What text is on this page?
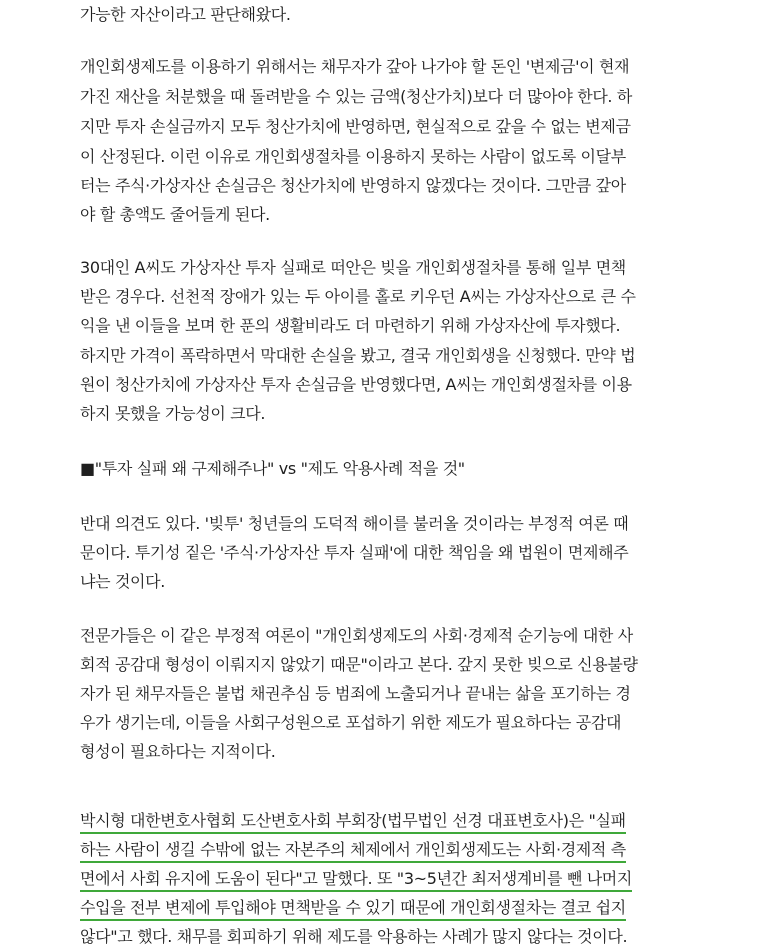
가능한 자산이라고 판단해왔다.
개인회생제도를 이용하기 위해서는 채무자가 갚아 나가야 할 돈인 '변제금'이 현재
가진 재산을 처분했을 때 돌려받을 수 있는 금액(청산가치)보다 더 많아야 한다. 하
지만 투자 손실금까지 모두 청산가치에 반영하면, 현실적으로 갚을 수 없는 변제금
이 산정된다. 이런 이유로 개인회생절차를 이용하지 못하는 사람이 없도록 이달부
터는 주식·가상자산 손실금은 청산가치에 반영하지 않겠다는 것이다. 그만큼 갚아
야 할 총액도 줄어들게 된다.
30대인 A씨도 가상자산 투자 실패로 떠안은 빚을 개인회생절차를 통해 일부 면책
받은 경우다. 선천적 장애가 있는 두 아이를 홀로 키우던 A씨는 가상자산으로 큰 수
익을 낸 이들을 보며 한 푼의 생활비라도 더 마련하기 위해 가상자산에 투자했다.
하지만 가격이 폭락하면서 막대한 손실을 봤고, 결국 개인회생을 신청했다. 만약 법
원이 청산가치에 가상자산 투자 손실금을 반영했다면, A씨는 개인회생절차를 이용
하지 못했을 가능성이 크다.
■"투자 실패 왜 구제해주나" vs "제도 악용사례 적을 것"
반대 의견도 있다. '빚투' 청년들의 도덕적 해이를 불러올 것이라는 부정적 여론 때
문이다. 투기성 짙은 '주식·가상자산 투자 실패'에 대한 책임을 왜 법원이 면제해주
냐는 것이다.
전문가들은 이 같은 부정적 여론이 "개인회생제도의 사회·경제적 순기능에 대한 사
회적 공감대 형성이 이뤄지지 않았기 때문"이라고 본다. 갚지 못한 빚으로 신용불량
자가 된 채무자들은 불법 채권추심 등 범죄에 노출되거나 끝내는 삶을 포기하는 경
우가 생기는데, 이들을 사회구성원으로 포섭하기 위한 제도가 필요하다는 공감대
형성이 필요하다는 지적이다.
박시형 대한변호사협회 도산변호사회 부회장(법무법인 선경 대표변호사)은 "실패
하는 사람이 생길 수밖에 없는 자본주의 체제에서 개인회생제도는 사회·경제적 측
면에서 사회 유지에 도움이 된다"고 말했다. 또 "3~5년간 최저생계비를 뺀 나머지
수입을 전부 변제에 투입해야 면책받을 수 있기 때문에 개인회생절차는 결코 쉽지
않다"고 했다. 채무를 회피하기 위해 제도를 악용하는 사례가 많지 않다는 것이다.
